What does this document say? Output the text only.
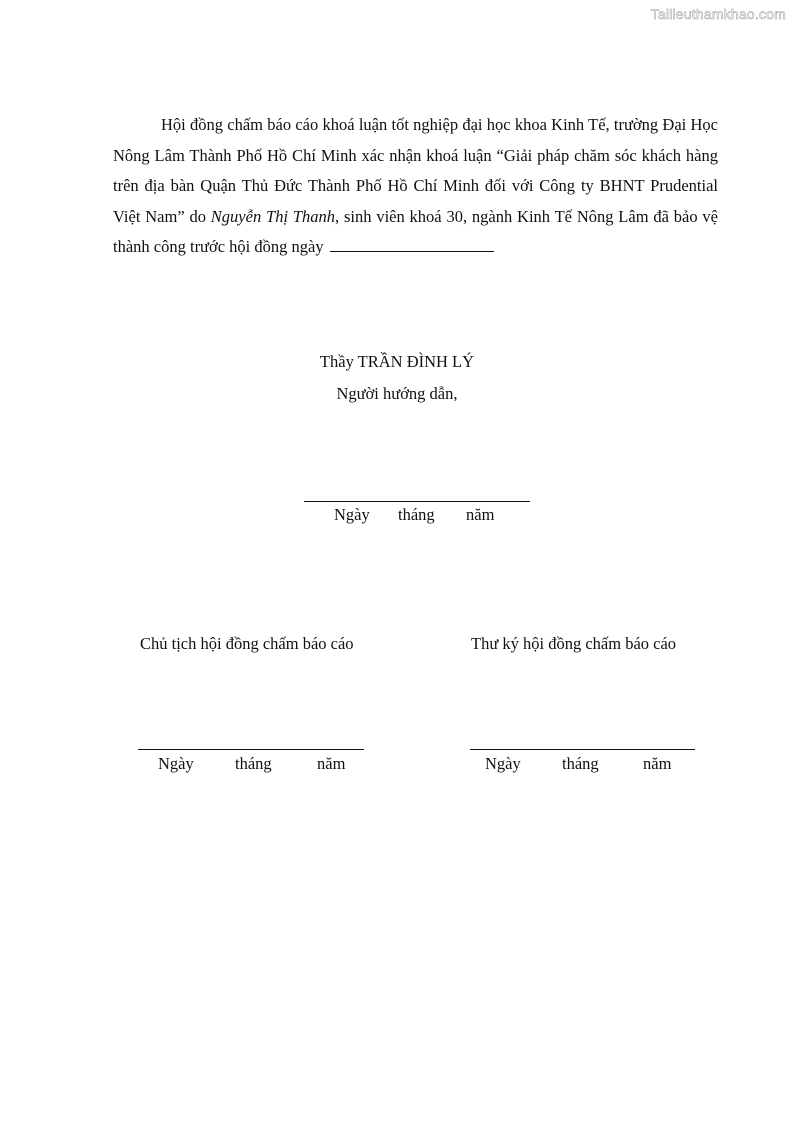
Tailieuthamkhao.com
Hội đồng chấm báo cáo khoá luận tốt nghiệp đại học khoa Kinh Tế, trường Đại Học Nông Lâm Thành Phố Hồ Chí Minh xác nhận khoá luận “Giải pháp chăm sóc khách hàng trên địa bàn Quận Thủ Đức Thành Phố Hồ Chí Minh đối với Công ty BHNT Prudential Việt Nam” do Nguyễn Thị Thanh, sinh viên khoá 30, ngành Kinh Tế Nông Lâm đã bảo vệ thành công trước hội đồng ngày
Thầy TRẦN ĐÌNH LÝ
Người hướng dẫn,
Ngày tháng năm
Chủ tịch hội đồng chấm báo cáo	Thư ký hội đồng chấm báo cáo
Ngày	tháng	năm	Ngày	tháng	năm
